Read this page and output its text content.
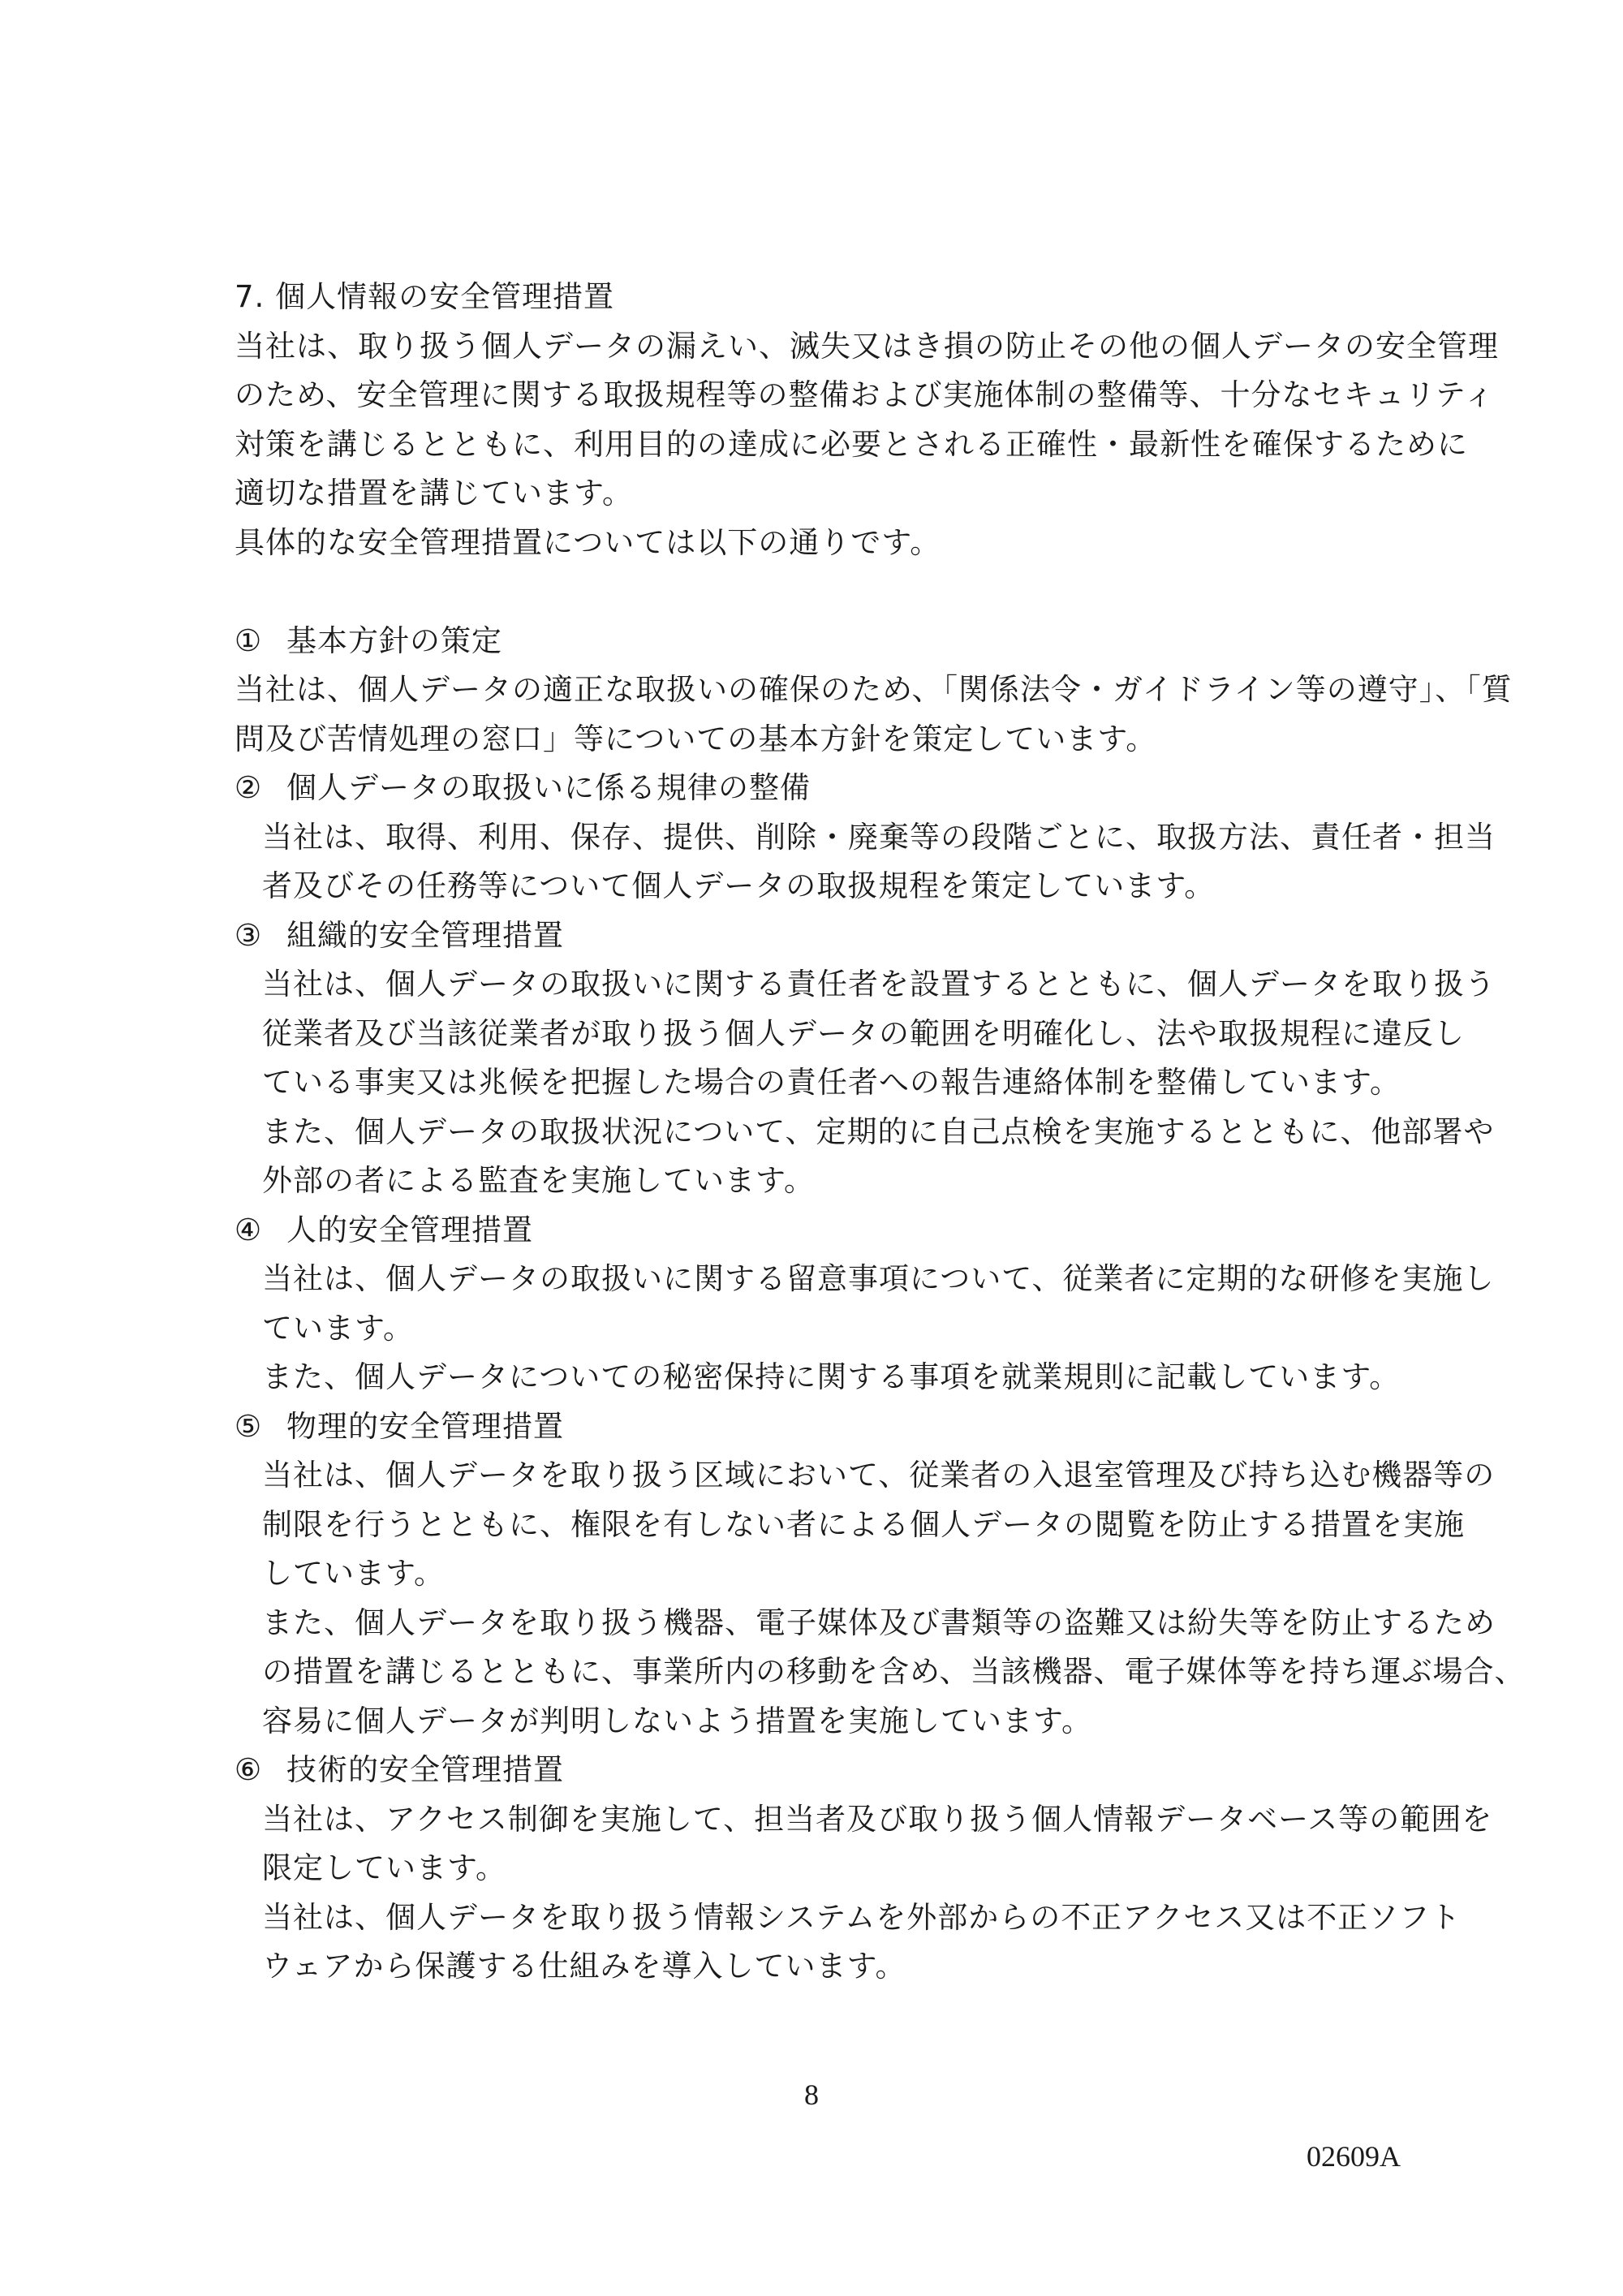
7. 個人情報の安全管理措置
当社は、取り扱う個人データの漏えい、滅失又はき損の防止その他の個人データの安全管理
のため、安全管理に関する取扱規程等の整備および実施体制の整備等、十分なセキュリティ
対策を講じるとともに、利用目的の達成に必要とされる正確性・最新性を確保するために
適切な措置を講じています。
具体的な安全管理措置については以下の通りです。
① 基本方針の策定
当社は、個人データの適正な取扱いの確保のため、「関係法令・ガイドライン等の遵守」、「質
問及び苦情処理の窓口」等についての基本方針を策定しています。
② 個人データの取扱いに係る規律の整備
当社は、取得、利用、保存、提供、削除・廃棄等の段階ごとに、取扱方法、責任者・担当
者及びその任務等について個人データの取扱規程を策定しています。
③ 組織的安全管理措置
当社は、個人データの取扱いに関する責任者を設置するとともに、個人データを取り扱う
従業者及び当該従業者が取り扱う個人データの範囲を明確化し、法や取扱規程に違反し
ている事実又は兆候を把握した場合の責任者への報告連絡体制を整備しています。
また、個人データの取扱状況について、定期的に自己点検を実施するとともに、他部署や
外部の者による監査を実施しています。
④ 人的安全管理措置
当社は、個人データの取扱いに関する留意事項について、従業者に定期的な研修を実施し
ています。
また、個人データについての秘密保持に関する事項を就業規則に記載しています。
⑤ 物理的安全管理措置
当社は、個人データを取り扱う区域において、従業者の入退室管理及び持ち込む機器等の
制限を行うとともに、権限を有しない者による個人データの閲覧を防止する措置を実施
しています。
また、個人データを取り扱う機器、電子媒体及び書類等の盗難又は紛失等を防止するため
の措置を講じるとともに、事業所内の移動を含め、当該機器、電子媒体等を持ち運ぶ場合、
容易に個人データが判明しないよう措置を実施しています。
⑥ 技術的安全管理措置
当社は、アクセス制御を実施して、担当者及び取り扱う個人情報データベース等の範囲を
限定しています。
当社は、個人データを取り扱う情報システムを外部からの不正アクセス又は不正ソフト
ウェアから保護する仕組みを導入しています。
8
02609A
